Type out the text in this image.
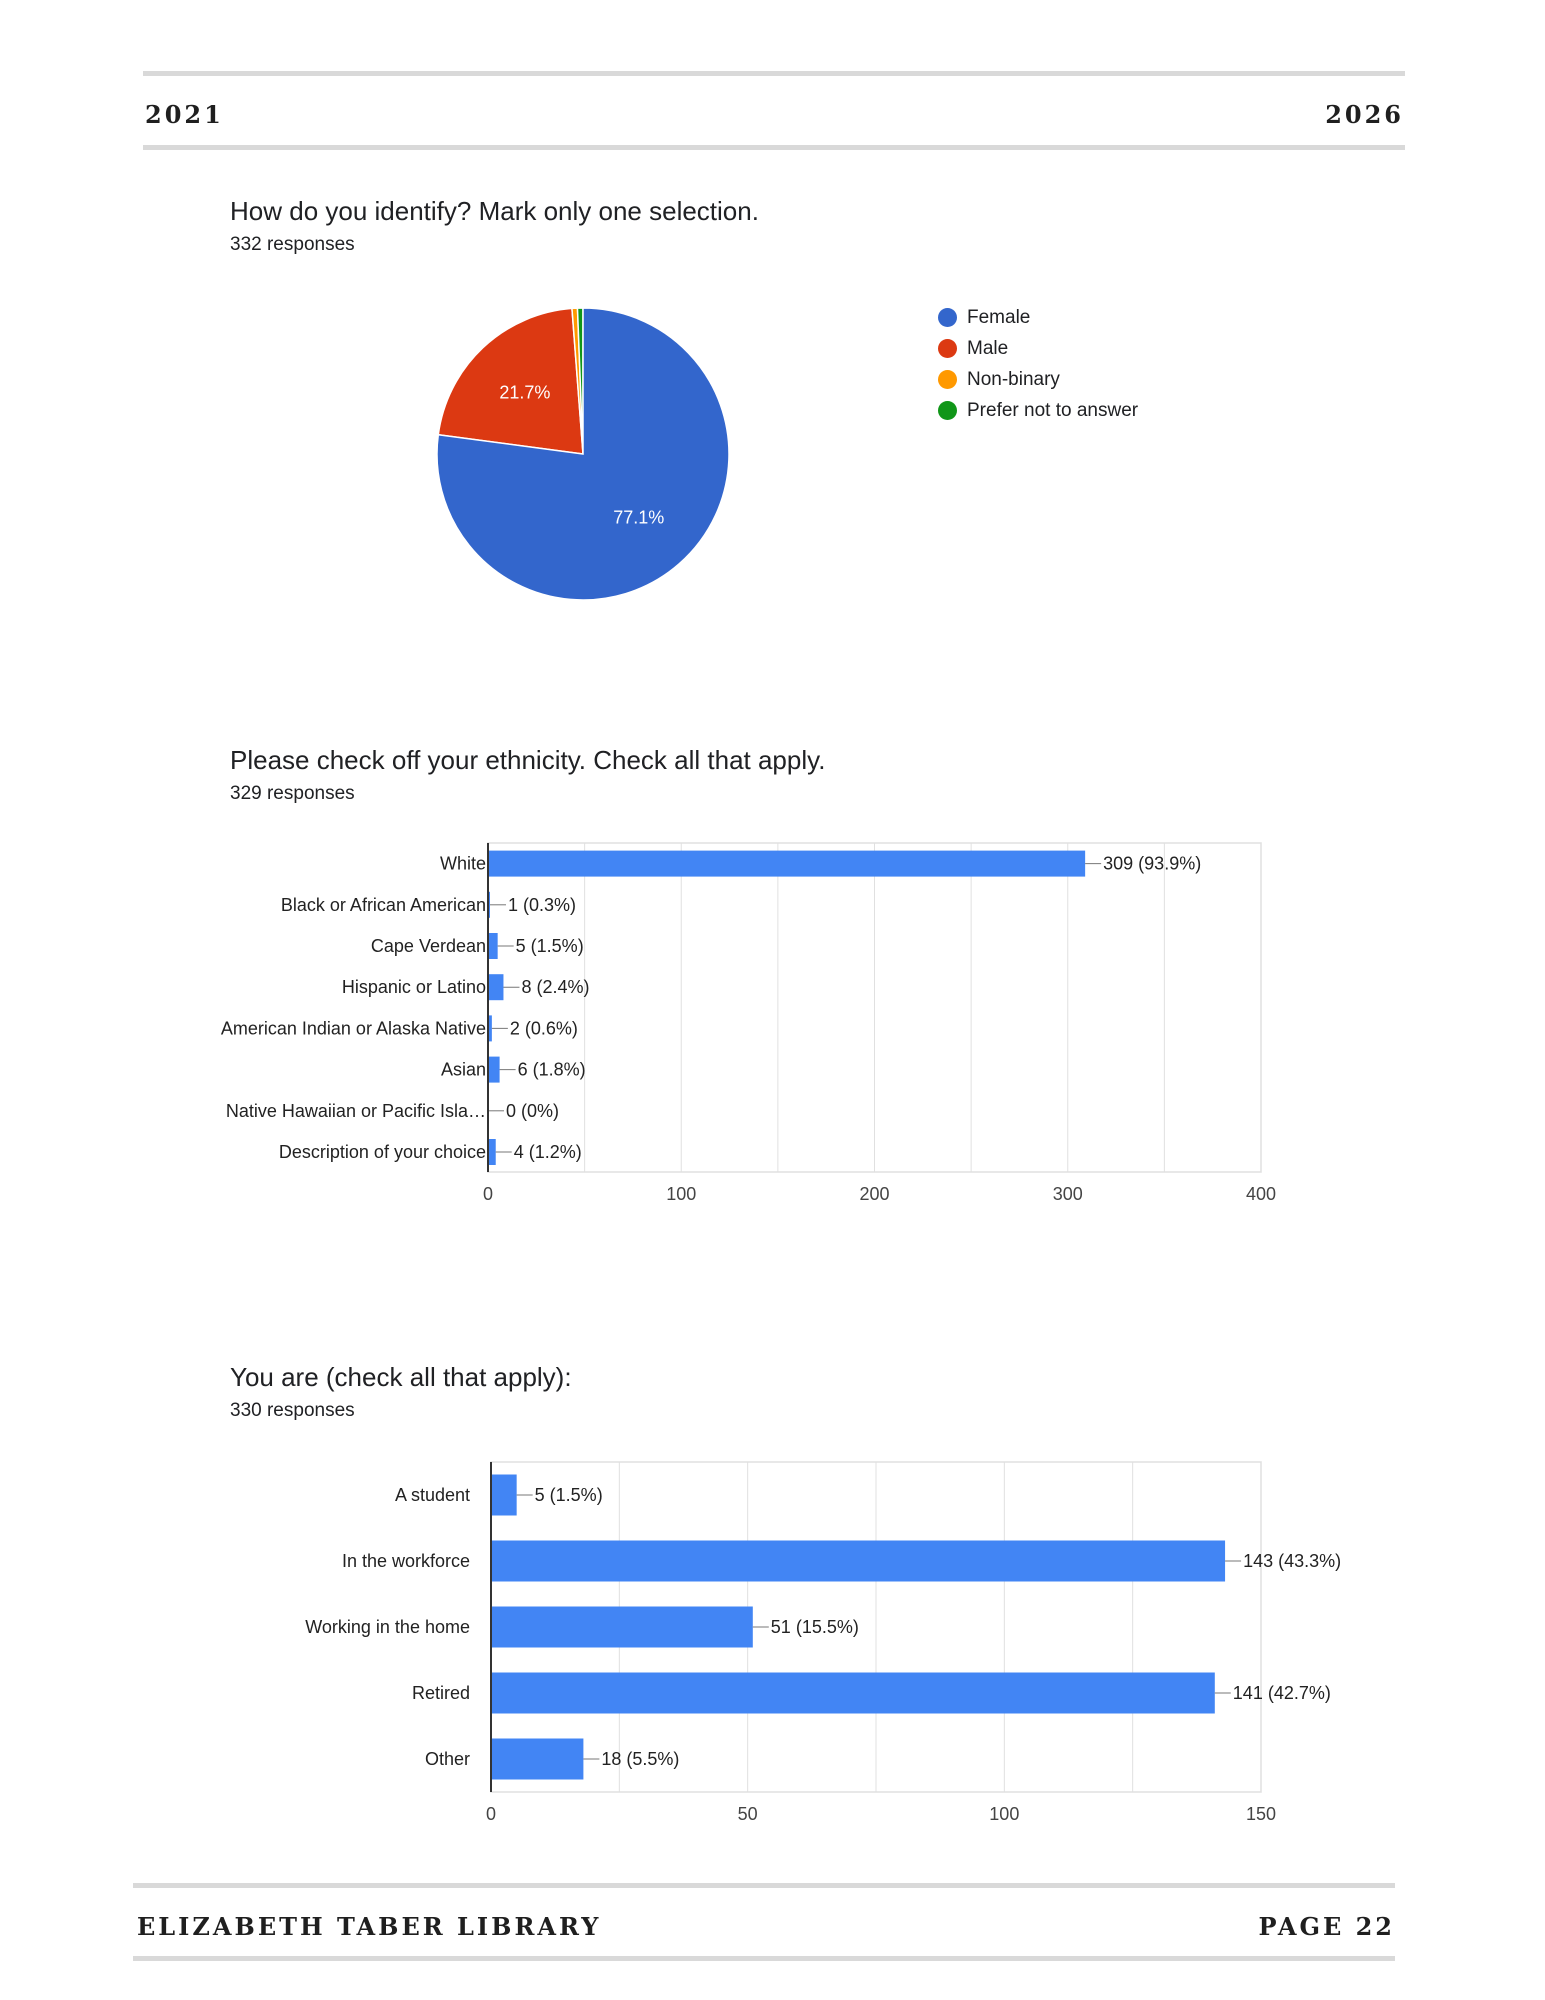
2021	2026
How do you identify? Mark only one selection.
332 responses
21.7%
77.1%
Female
Male
Non-binary
Prefer not to answer
Please check off your ethnicity. Check all that apply.
329 responses
0	100	200	300	400
White	309 (93.9%)
Black or African American 1 (0.3%)
Cape Verdean 5 (1.5%)
Hispanic or Latino 8 (2.4%)
American Indian or Alaska Native 2 (0.6%)
Asian 6 (1.8%)
Native Hawaiian or Pacific Isla… 0 (0%)
Description of your choice 4 (1.2%)
You are (check all that apply):
330 responses
0	50	100	150
A student	5 (1.5%)
In the workforce	143 (43.3%)
Working in the home	51 (15.5%)
Retired	141 (42.7%)
Other	18 (5.5%)
ELIZABETH TABER LIBRARY	PAGE 22
